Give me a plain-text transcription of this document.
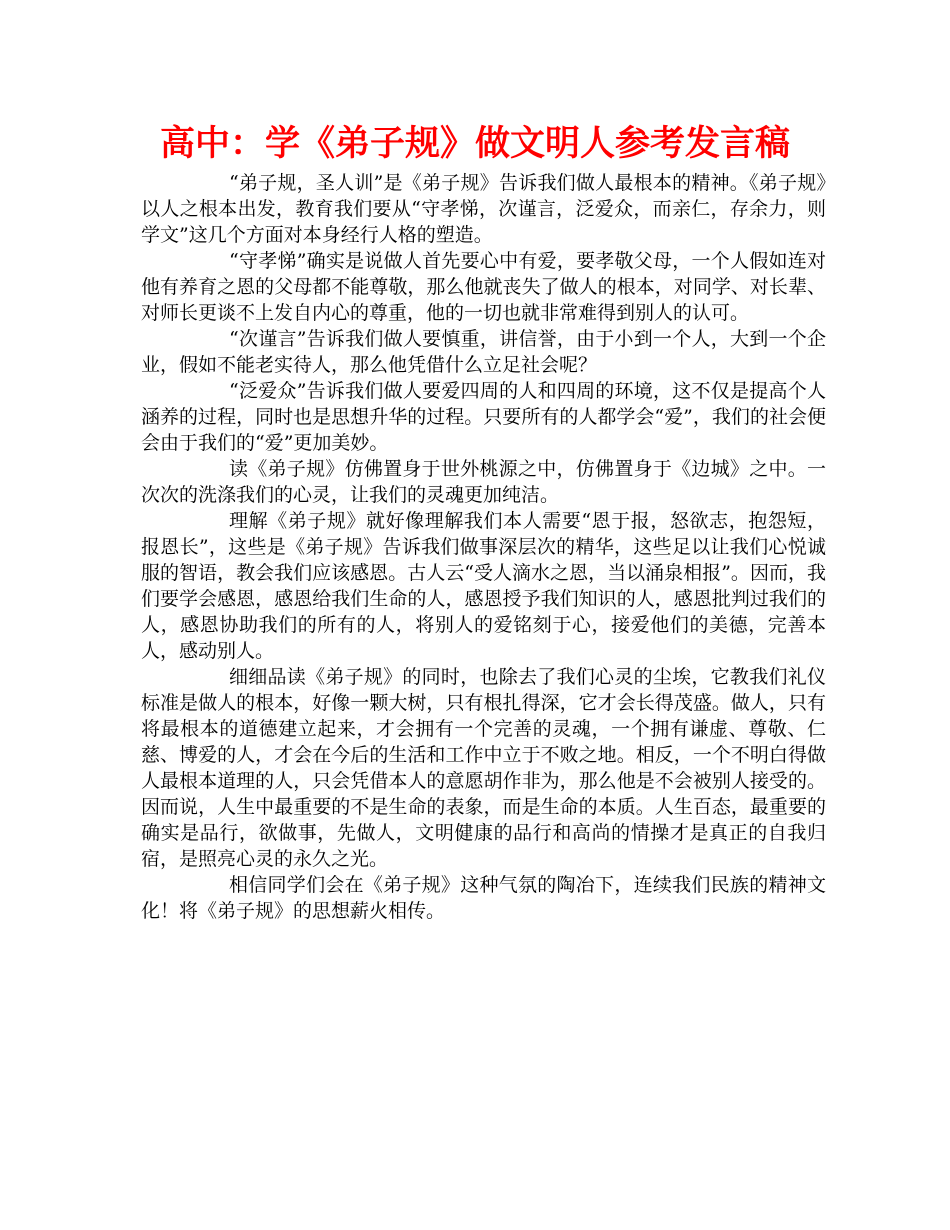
高中：学《弟子规》做文明人参考发言稿

“弟子规，圣人训”是《弟子规》告诉我们做人最根本的精神。《弟子规》以人之根本出发，教育我们要从“守孝悌，次谨言，泛爱众，而亲仁，存余力，则学文”这几个方面对本身经行人格的塑造。

“守孝悌”确实是说做人首先要心中有爱，要孝敬父母，一个人假如连对他有养育之恩的父母都不能尊敬，那么他就丧失了做人的根本，对同学、对长辈、对师长更谈不上发自内心的尊重，他的一切也就非常难得到别人的认可。

“次谨言”告诉我们做人要慎重，讲信誉，由于小到一个人，大到一个企业，假如不能老实待人，那么他凭借什么立足社会呢？

“泛爱众”告诉我们做人要爱四周的人和四周的环境，这不仅是提高个人涵养的过程，同时也是思想升华的过程。只要所有的人都学会“爱”，我们的社会便会由于我们的“爱”更加美妙。

读《弟子规》仿佛置身于世外桃源之中，仿佛置身于《边城》之中。一次次的洗涤我们的心灵，让我们的灵魂更加纯洁。

理解《弟子规》就好像理解我们本人需要“恩于报，怒欲志，抱怨短，报恩长”，这些是《弟子规》告诉我们做事深层次的精华，这些足以让我们心悦诚服的智语，教会我们应该感恩。古人云“受人滴水之恩，当以涌泉相报”。因而，我们要学会感恩，感恩给我们生命的人，感恩授予我们知识的人，感恩批判过我们的人，感恩协助我们的所有的人，将别人的爱铭刻于心，接爱他们的美德，完善本人，感动别人。

细细品读《弟子规》的同时，也除去了我们心灵的尘埃，它教我们礼仪标准是做人的根本，好像一颗大树，只有根扎得深，它才会长得茂盛。做人，只有将最根本的道德建立起来，才会拥有一个完善的灵魂，一个拥有谦虚、尊敬、仁慈、博爱的人，才会在今后的生活和工作中立于不败之地。相反，一个不明白得做人最根本道理的人，只会凭借本人的意愿胡作非为，那么他是不会被别人接受的。因而说，人生中最重要的不是生命的表象，而是生命的本质。人生百态，最重要的确实是品行，欲做事，先做人，文明健康的品行和高尚的情操才是真正的自我归宿，是照亮心灵的永久之光。

相信同学们会在《弟子规》这种气氛的陶冶下，连续我们民族的精神文化！将《弟子规》的思想薪火相传。
